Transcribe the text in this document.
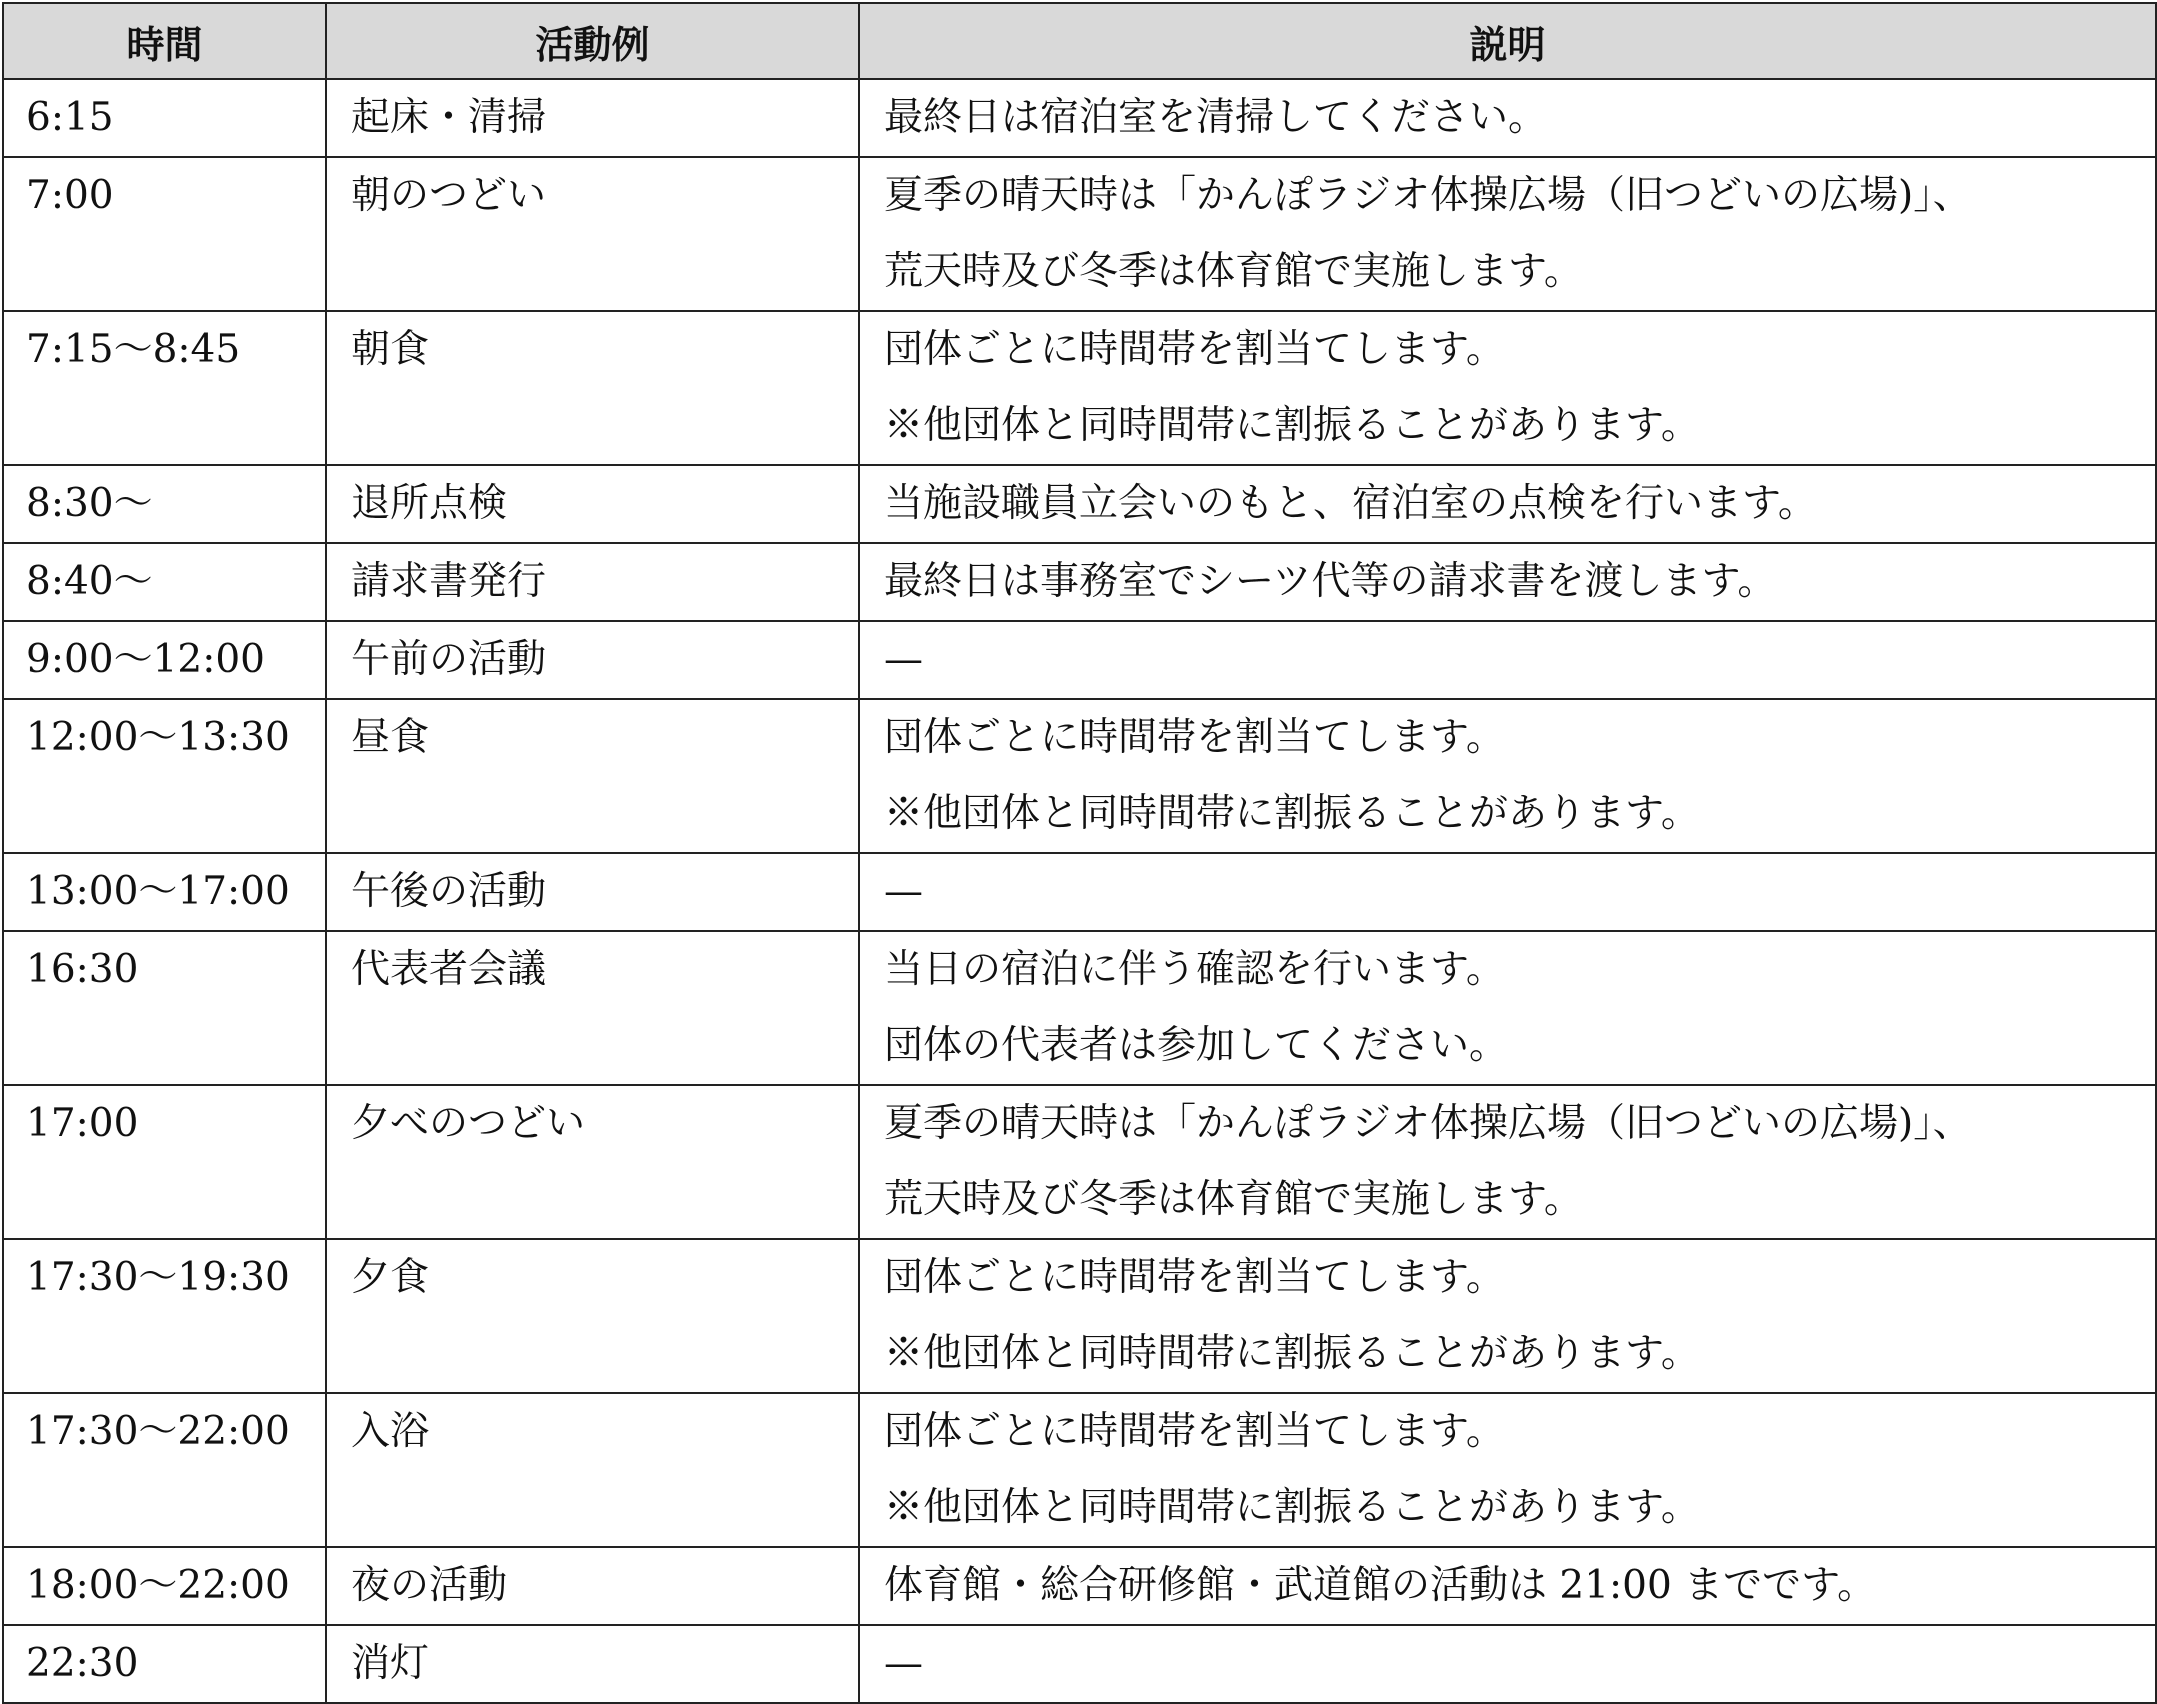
時間	活動例	説明
6:15	起床・清掃	最終日は宿泊室を清掃してください。

7:00	朝のつどい	夏季の晴天時は「かんぽラジオ体操広場（旧つどいの広場)」、
荒天時及び冬季は体育館で実施します。

7:15〜8:45	朝食	団体ごとに時間帯を割当てします。
※他団体と同時間帯に割振ることがあります。

8:30〜	退所点検	当施設職員立会いのもと、宿泊室の点検を行います。

8:40〜	請求書発行	最終日は事務室でシーツ代等の請求書を渡します。

9:00〜12:00	午前の活動	—

12:00〜13:30	昼食	団体ごとに時間帯を割当てします。
※他団体と同時間帯に割振ることがあります。

13:00〜17:00	午後の活動	—

16:30	代表者会議	当日の宿泊に伴う確認を行います。
団体の代表者は参加してください。

17:00	夕べのつどい	夏季の晴天時は「かんぽラジオ体操広場（旧つどいの広場)」、
荒天時及び冬季は体育館で実施します。

17:30〜19:30	夕食	団体ごとに時間帯を割当てします。
※他団体と同時間帯に割振ることがあります。

17:30〜22:00	入浴	団体ごとに時間帯を割当てします。
※他団体と同時間帯に割振ることがあります。

18:00〜22:00	夜の活動	体育館・総合研修館・武道館の活動は 21:00 までです。

22:30	消灯	—
